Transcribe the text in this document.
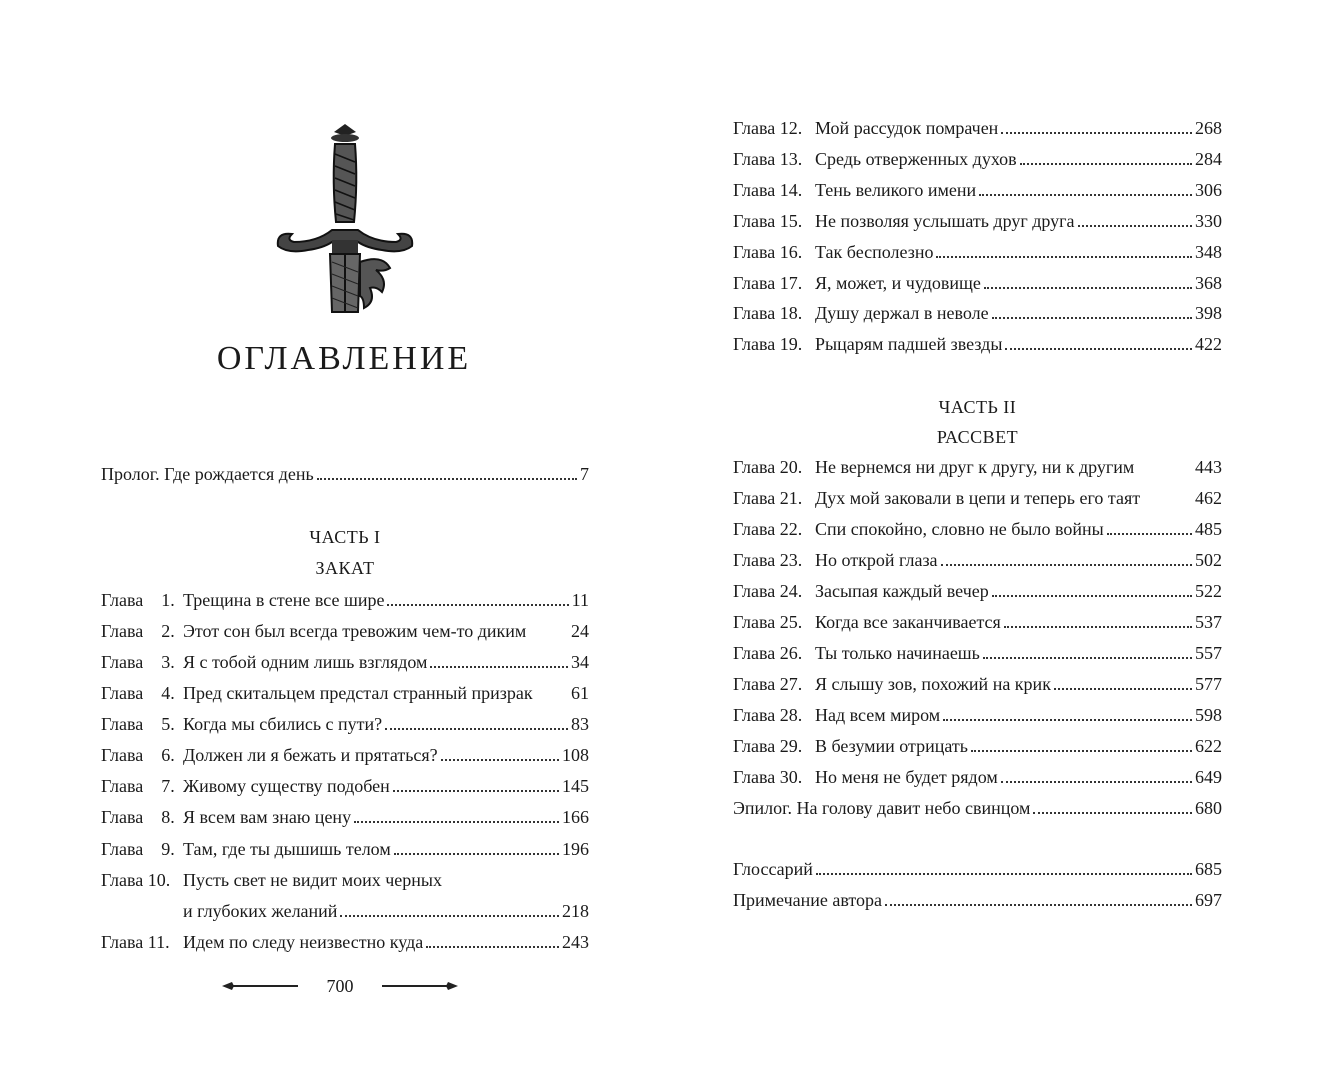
ОГЛАВЛЕНИЕ
Пролог. Где рождается день	7
ЧАСТЬ I
ЗАКАТ
Глава 1. Трещина в стене все шире	11
Глава 2. Этот сон был всегда тревожим чем-то диким 24
Глава 3. Я с тобой одним лишь взглядом	34
Глава 4. Пред скитальцем предстал странный призрак 61
Глава 5. Когда мы сбились с пути?	83
Глава 6. Должен ли я бежать и прятаться?	108
Глава 7. Живому существу подобен	145
Глава 8. Я всем вам знаю цену	166
Глава 9. Там, где ты дышишь телом	196
Глава 10. Пусть свет не видит моих черных
и глубоких желаний	218
Глава 11. Идем по следу неизвестно куда	243
700
Глава 12. Мой рассудок помрачен	268
Глава 13. Средь отверженных духов	284
Глава 14. Тень великого имени	306
Глава 15. Не позволяя услышать друг друга	330
Глава 16. Так бесполезно	348
Глава 17. Я, может, и чудовище	368
Глава 18. Душу держал в неволе	398
Глава 19. Рыцарям падшей звезды	422
ЧАСТЬ II
РАССВЕТ
Глава 20. Не вернемся ни друг к другу, ни к другим	443
Глава 21. Дух мой заковали в цепи и теперь его таят	462
Глава 22. Спи спокойно, словно не было войны	485
Глава 23. Но открой глаза	502
Глава 24. Засыпая каждый вечер	522
Глава 25. Когда все заканчивается	537
Глава 26. Ты только начинаешь	557
Глава 27. Я слышу зов, похожий на крик	577
Глава 28. Над всем миром	598
Глава 29. В безумии отрицать	622
Глава 30. Но меня не будет рядом	649
Эпилог. На голову давит небо свинцом	680
Глоссарий	685
Примечание автора	697
